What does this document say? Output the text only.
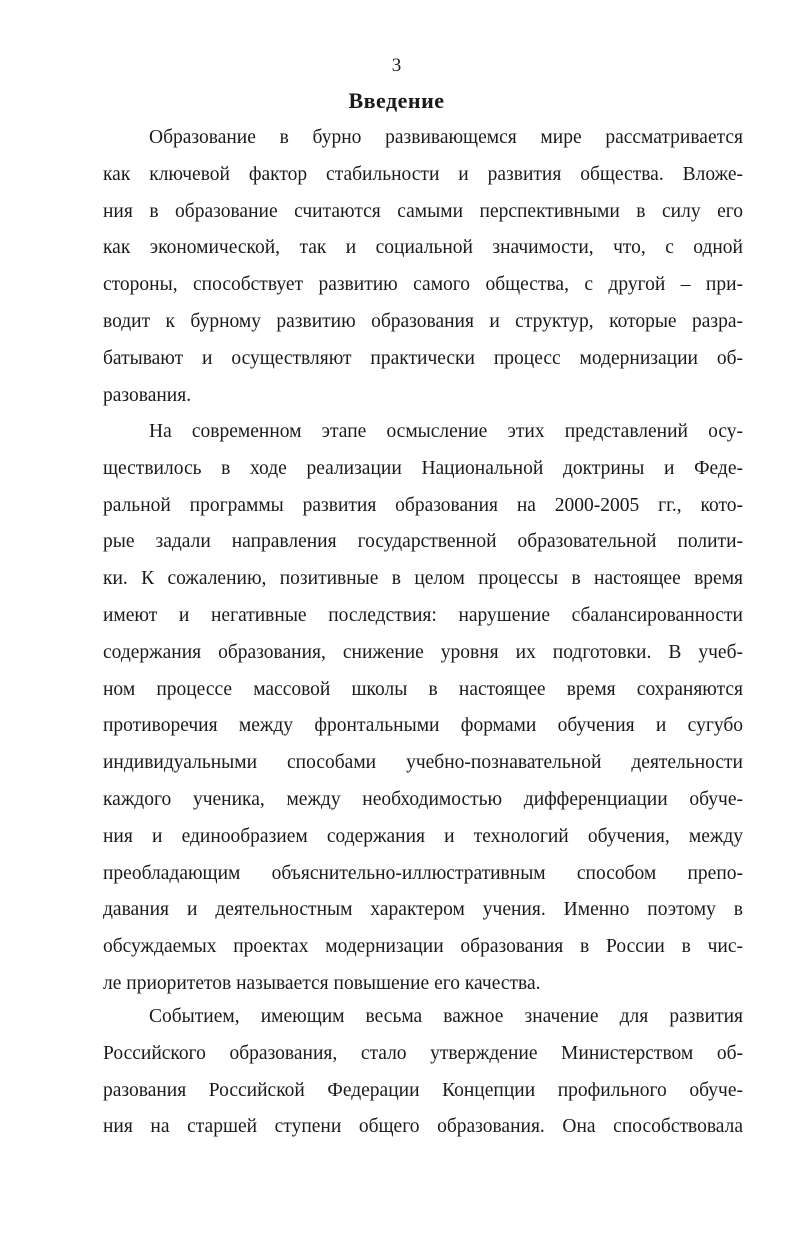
3
Введение
Образование в бурно развивающемся мире рассматривается
как ключевой фактор стабильности и развития общества. Вложе-
ния в образование считаются самыми перспективными в силу его
как экономической, так и социальной значимости, что, с одной
стороны, способствует развитию самого общества, с другой – при-
водит к бурному развитию образования и структур, которые разра-
батывают и осуществляют практически процесс модернизации об-
разования.
На современном этапе осмысление этих представлений осу-
ществилось в ходе реализации Национальной доктрины и Феде-
ральной программы развития образования на 2000-2005 гг., кото-
рые задали направления государственной образовательной полити-
ки. К сожалению, позитивные в целом процессы в настоящее время
имеют и негативные последствия: нарушение сбалансированности
содержания образования, снижение уровня их подготовки. В учеб-
ном процессе массовой школы в настоящее время сохраняются
противоречия между фронтальными формами обучения и сугубо
индивидуальными способами учебно-познавательной деятельности
каждого ученика, между необходимостью дифференциации обуче-
ния и единообразием содержания и технологий обучения, между
преобладающим объяснительно-иллюстративным способом препо-
давания и деятельностным характером учения. Именно поэтому в
обсуждаемых проектах модернизации образования в России в чис-
ле приоритетов называется повышение его качества.
Событием, имеющим весьма важное значение для развития
Российского образования, стало утверждение Министерством об-
разования Российской Федерации Концепции профильного обуче-
ния на старшей ступени общего образования. Она способствовала
